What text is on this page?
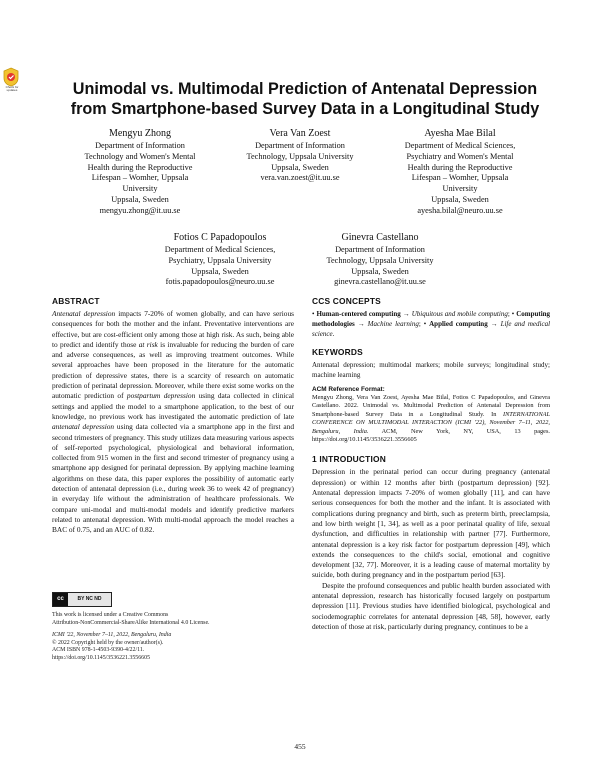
Check for updates	Unimodal vs. Multimodal Prediction of Antenatal Depression
from Smartphone-based Survey Data in a Longitudinal Study
Mengyu Zhong
Department of Information
Technology and Women's Mental
Health during the Reproductive
Lifespan – Womher, Uppsala
University
Uppsala, Sweden
mengyu.zhong@it.uu.se
Vera Van Zoest
Department of Information
Technology, Uppsala University
Uppsala, Sweden
vera.van.zoest@it.uu.se
Ayesha Mae Bilal
Department of Medical Sciences,
Psychiatry and Women's Mental
Health during the Reproductive
Lifespan – Womher, Uppsala
University
Uppsala, Sweden
ayesha.bilal@neuro.uu.se
Fotios C Papadopoulos
Department of Medical Sciences,
Psychiatry, Uppsala University
Uppsala, Sweden
fotis.papadopoulos@neuro.uu.se
Ginevra Castellano
Department of Information
Technology, Uppsala University
Uppsala, Sweden
ginevra.castellano@it.uu.se
ABSTRACT

Antenatal depression impacts 7-20% of women globally, and can have serious consequences for both the mother and the infant. Preventative interventions are effective, but are cost-efficient only among those at high risk. As such, being able to predict and identify those at risk is invaluable for reducing the burden of care and adverse consequences, as well as improving treatment outcomes. While several approaches have been proposed in the literature for the automatic prediction of depressive states, there is a scarcity of research on automatic prediction of perinatal depression. Moreover, while there exist some works on the automatic prediction of postpartum depression using data collected in clinical settings and applied the model to a smartphone application, to the best of our knowledge, no previous work has investigated the automatic prediction of late antenatal depression using data collected via a smartphone app in the first and second trimesters of pregnancy. This study utilizes data measuring various aspects of self-reported psychological, physiological and behavioral information, collected from 915 women in the first and second trimester of pregnancy using a smartphone app designed for perinatal depression. By applying machine learning algorithms on these data, this paper explores the possibility of automatic early detection of antenatal depression (i.e., during week 36 to week 42 of pregnancy) in everyday life without the administration of healthcare professionals. We compare uni-modal and multi-modal models and identify predictive markers related to antenatal depression. With multi-modal approach the model reaches a BAC of 0.75, and an AUC of 0.82.

cc	BY NC ND

This work is licensed under a Creative Commons

Attribution-NonCommercial-ShareAlike International 4.0 License.

ICMI '22, November 7–11, 2022, Bengaluru, India

© 2022 Copyright held by the owner/author(s).

ACM ISBN 978-1-4503-9390-4/22/11.

https://doi.org/10.1145/3536221.3556605

CCS CONCEPTS

• Human-centered computing → Ubiquitous and mobile computing; • Computing methodologies → Machine learning; • Applied computing → Life and medical science.

KEYWORDS

Antenatal depression; multimodal markers; mobile surveys; longitudinal study; machine learning

ACM Reference Format:

Mengyu Zhong, Vera Van Zoest, Ayesha Mae Bilal, Fotios C Papadopoulos, and Ginevra Castellano. 2022. Unimodal vs. Multimodal Prediction of Antenatal Depression from Smartphone-based Survey Data in a Longitudinal Study. In INTERNATIONAL CONFERENCE ON MULTIMODAL INTERACTION (ICMI '22), November 7–11, 2022, Bengaluru, India. ACM, New York, NY, USA, 13 pages. https://doi.org/10.1145/3536221.3556605

1 INTRODUCTION

Depression in the perinatal period can occur during pregnancy (antenatal depression) or within 12 months after birth (postpartum depression) [92]. Antenatal depression impacts 7-20% of women globally [11], and can have serious consequences for both the mother and the infant. It is associated with complications during pregnancy and birth, such as preterm birth, preeclampsia, and low birth weight [1, 34], as well as a poor perinatal quality of life, sexual dysfunction, and difficulties in relationship with partner [77]. Furthermore, antenatal depression is a key risk factor for postpartum depression [49], which extends the consequences to the child's social, emotional and cognitive development [32, 77]. Moreover, it is a leading cause of maternal mortality by suicide, both during pregnancy and in the postpartum period [63].

Despite the profound consequences and public health burden associated with antenatal depression, research has historically focused largely on postpartum depression [11]. Previous studies have identified biological, psychological and sociodemographic correlates for antenatal depression [48, 58], however, early detection of those at risk, particularly during pregnancy, continues to be a

455
